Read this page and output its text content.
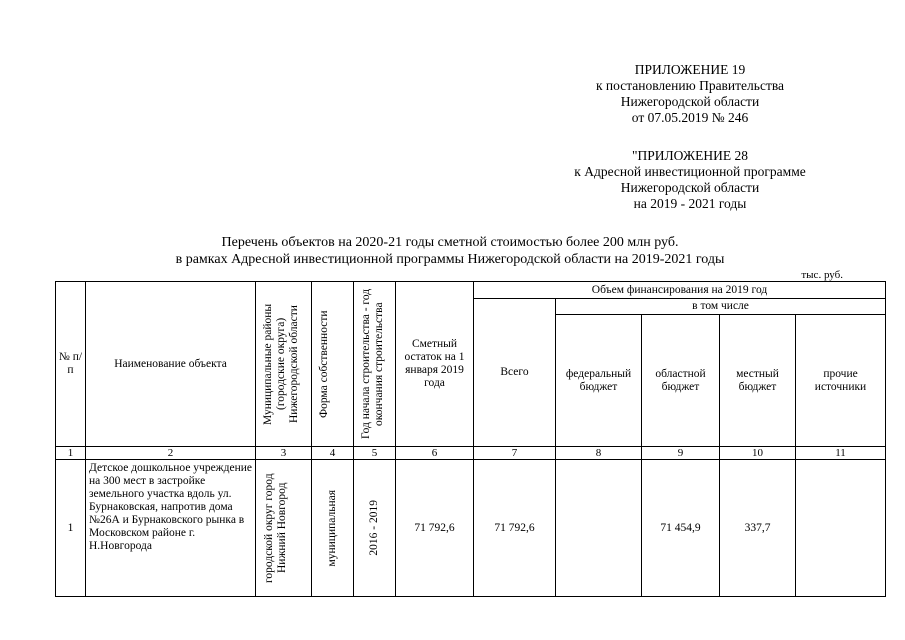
ПРИЛОЖЕНИЕ 19
к постановлению Правительства
Нижегородской области
от 07.05.2019 № 246
"ПРИЛОЖЕНИЕ 28
к Адресной инвестиционной программе
Нижегородской области
на 2019 - 2021 годы
Перечень объектов на 2020-21 годы сметной стоимостью более 200 млн руб.
в рамках Адресной инвестиционной программы Нижегородской области на 2019-2021 годы
тыс. руб.
№ п/п	Наименование объекта	Муниципальные районы (городские округа) Нижегородской области	Форма собственности	Год начала строительства - год окончания строительства	Сметный остаток на 1 января 2019 года	Объем финансирования на 2019 год				
						Всего	в том числе			
							федеральный бюджет	областной бюджет	местный бюджет	прочие источники
1	2	3	4	5	6	7	8	9	10	11
1	Детское дошкольное учреждение на 300 мест в застройке земельного участка вдоль ул. Бурнаковская, напротив дома №26А и Бурнаковского рынка в Московском районе г. Н.Новгорода	городской округ город Нижний Новгород	муниципальная	2016 - 2019	71 792,6	71 792,6		71 454,9	337,7	
